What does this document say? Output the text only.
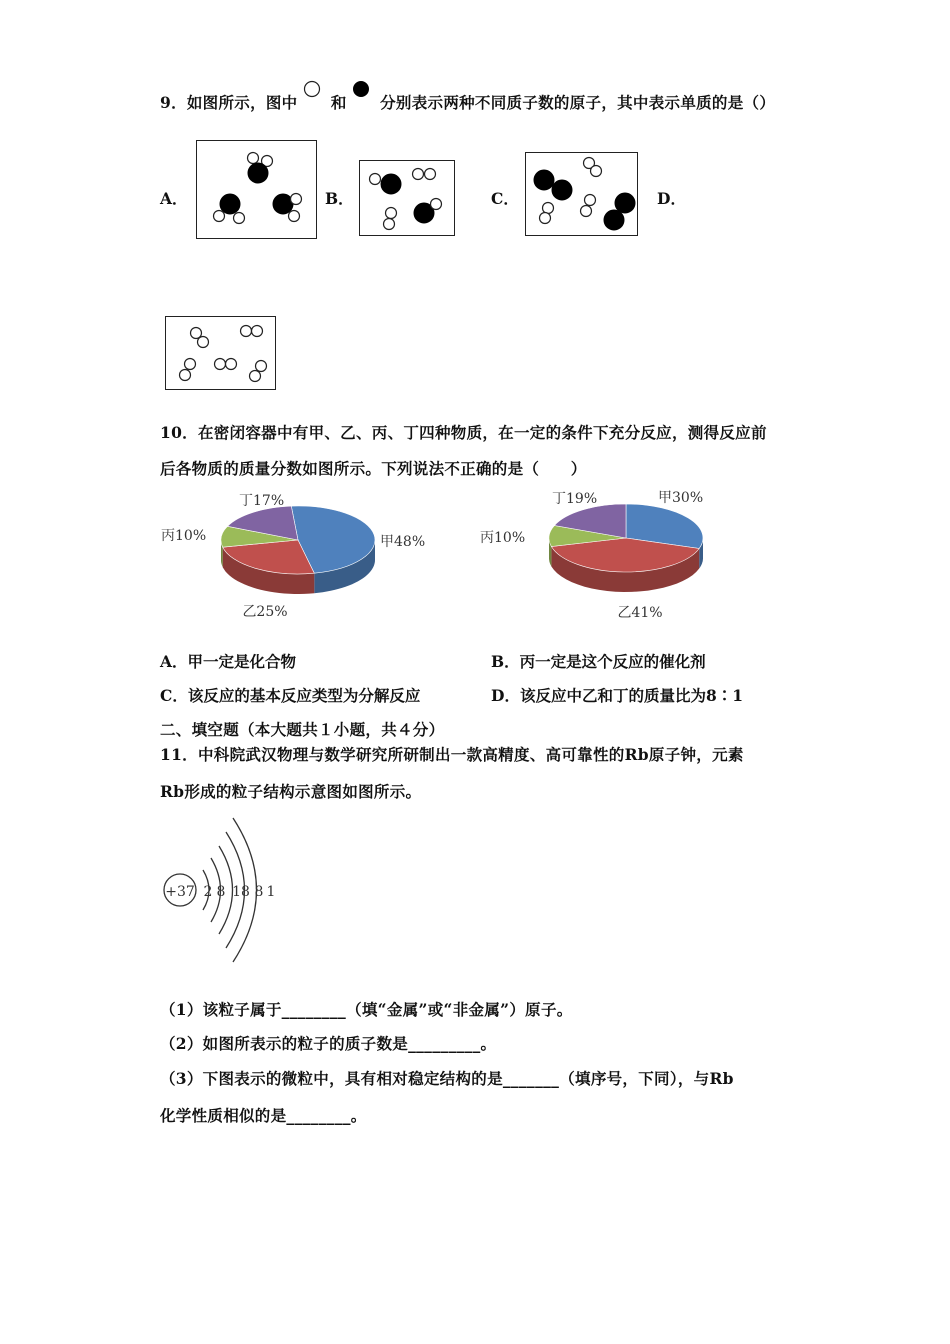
9．如图所示，图中 和 分别表示两种不同质子数的原子，其中表示单质的是（）
A．	B．	C．	D．
10．在密闭容器中有甲、乙、丙、丁四种物质，在一定的条件下充分反应，测得反应前
后各物质的质量分数如图所示。下列说法不正确的是（　　）
甲48%
乙25%
丙10%
丁17%	甲30%
乙41%
丙10%
丁19%
A．甲一定是化合物	B．丙一定是这个反应的催化剂
C．该反应的基本反应类型为分解反应	D．该反应中乙和丁的质量比为8∶1
二、填空题（本大题共１小题，共４分）
11．中科院武汉物理与数学研究所研制出一款高精度、高可靠性的Rb原子钟，元素
Rb形成的粒子结构示意图如图所示。
+37 2 8 18 8 1
（1）该粒子属于________（填“金属”或“非金属”）原子。
（2）如图所表示的粒子的质子数是_________。
（3）下图表示的微粒中，具有相对稳定结构的是_______（填序号，下同），与Rb
化学性质相似的是________。
